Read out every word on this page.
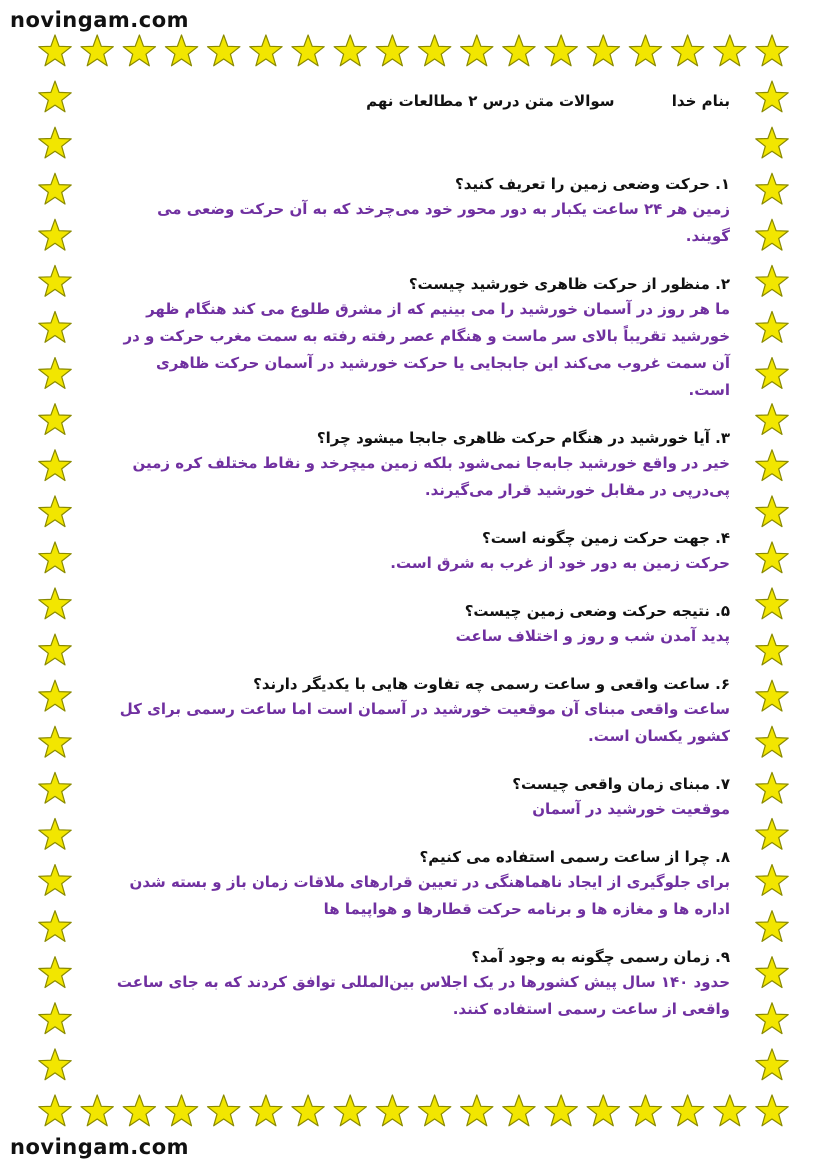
novingam.com
novingam.com
بنام خدا سوالات متن درس ۲ مطالعات نهم
۱. حرکت وضعی زمین را تعریف کنید؟
زمین هر ۲۴ ساعت یکبار به دور محور خود می‌چرخد که به آن حرکت وضعی می گویند.
۲. منظور از حرکت ظاهری خورشید چیست؟
ما هر روز در آسمان خورشید را می بینیم که از مشرق طلوع می کند هنگام ظهر خورشید تقریباً بالای سر ماست و هنگام عصر رفته رفته به سمت مغرب حرکت و در آن سمت غروب می‌کند این جابجایی یا حرکت خورشید در آسمان حرکت ظاهری است.
۳. آیا خورشید در هنگام حرکت ظاهری جابجا میشود چرا؟
خیر در واقع خورشید جابه‌جا نمی‌شود بلکه زمین میچرخد و نقاط مختلف کره زمین پی‌درپی در مقابل خورشید قرار می‌گیرند.
۴. جهت حرکت زمین چگونه است؟
حرکت زمین به دور خود از غرب به شرق است.
۵. نتیجه حرکت وضعی زمین چیست؟
پدید آمدن شب و روز و اختلاف ساعت
۶. ساعت واقعی و ساعت رسمی چه تفاوت هایی با یکدیگر دارند؟
ساعت واقعی مبنای آن موقعیت خورشید در آسمان است اما ساعت رسمی برای کل کشور یکسان است.
۷. مبنای زمان واقعی چیست؟
موقعیت خورشید در آسمان
۸. چرا از ساعت رسمی استفاده می کنیم؟
برای جلوگیری از ایجاد ناهماهنگی در تعیین قرارهای ملاقات زمان باز و بسته شدن اداره ها و مغازه ها و برنامه حرکت قطارها و هواپیما ها
۹. زمان رسمی چگونه به وجود آمد؟
حدود ۱۴۰ سال پیش کشورها در یک اجلاس بین‌المللی توافق کردند که به جای ساعت واقعی از ساعت رسمی استفاده کنند.
